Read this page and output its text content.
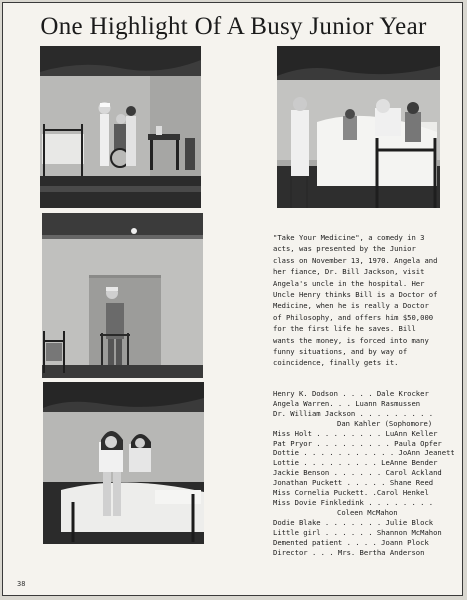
One Highlight Of A Busy Junior Year

"Take Your Medicine", a comedy in 3 acts, was presented by the Junior class on November 13, 1970. Angela and her fiance, Dr. Bill Jackson, visit Angela's uncle in the hospital. Her Uncle Henry thinks Bill is a Doctor of Medicine, when he is really a Doctor of Philosophy, and offers him $50,000 for the first life he saves. Bill wants the money, is forced into many funny situations, and by way of coincidence, finally gets it.

Henry K. Dodson . . . . Dale Krocker
Angela Warren. . . Luann Rasmussen
Dr. William Jackson . . . . . . . . .
Dan Kahler (Sophomore)
Miss Holt . . . . . . . . LuAnn Keller
Pat Pryor . . . . . . . . . Paula Opfer
Dottie . . . . . . . . . . . JoAnn Jeanett
Lottie . . . . . . . . . LeAnne Bender
Jackie Benson . . . . . . Carol Ackland
Jonathan Puckett . . . . . Shane Reed
Miss Cornelia Puckett. .Carol Henkel
Miss Dovie Finkledink . . . . . . . .
Coleen McMahon
Dodie Blake . . . . . . . Julie Block
Little girl . . . . . . Shannon McMahon
Demented patient . . . . Joann Plock
Director . . . Mrs. Bertha Anderson
38
